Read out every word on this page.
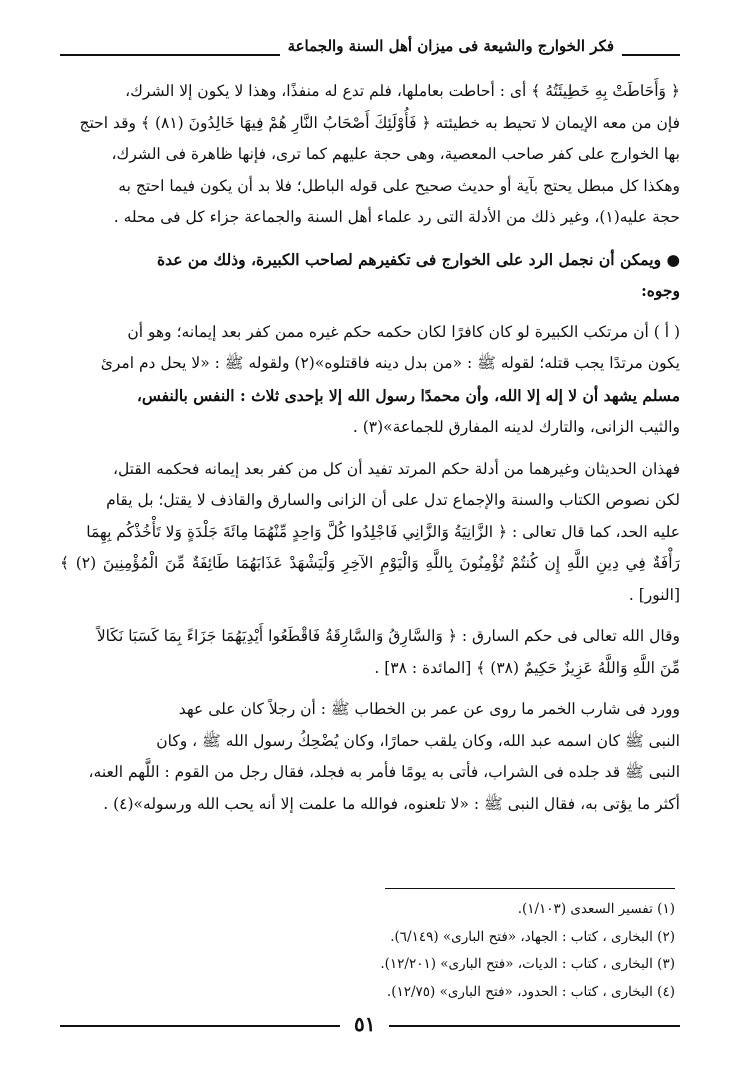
فكر الخوارج والشيعة فى ميزان أهل السنة والجماعة

﴿ وَأَحَاطَتْ بِهِ خَطِيئَتُهُ ﴾ أى : أحاطت بعاملها، فلم تدع له منفذًا، وهذا لا يكون إلا الشرك،
فإن من معه الإيمان لا تحيط به خطيئته ﴿ فَأُوْلَئِكَ أَصْحَابُ النَّارِ هُمْ فِيهَا خَالِدُونَ (٨١) ﴾ وقد احتج
بها الخوارج على كفر صاحب المعصية، وهى حجة عليهم كما ترى، فإنها ظاهرة فى الشرك،
وهكذا كل مبطل يحتج بآية أو حديث صحيح على قوله الباطل؛ فلا بد أن يكون فيما احتج به
حجة عليه(١)، وغير ذلك من الأدلة التى رد علماء أهل السنة والجماعة جزاء كل فى محله .

● ويمكن أن نجمل الرد على الخوارج فى تكفيرهم لصاحب الكبيرة، وذلك من عدة
وجوه:

( أ ) أن مرتكب الكبيرة لو كان كافرًا لكان حكمه حكم غيره ممن كفر بعد إيمانه؛ وهو أن
يكون مرتدًا يجب قتله؛ لقوله ﷺ : «من بدل دينه فاقتلوه»(٢) ولقوله ﷺ : «لا يحل دم امرئ
مسلم يشهد أن لا إله إلا الله، وأن محمدًا رسول الله إلا بإحدى ثلاث : النفس بالنفس،
والثيب الزانى، والتارك لدينه المفارق للجماعة»(٣) .

فهذان الحديثان وغيرهما من أدلة حكم المرتد تفيد أن كل من كفر بعد إيمانه فحكمه القتل،
لكن نصوص الكتاب والسنة والإجماع تدل على أن الزانى والسارق والقاذف لا يقتل؛ بل يقام
عليه الحد، كما قال تعالى : ﴿ الزَّانِيَةُ وَالزَّانِي فَاجْلِدُوا كُلَّ وَاحِدٍ مِّنْهُمَا مِائَةَ جَلْدَةٍ وَلا تَأْخُذْكُم بِهِمَا
رَأْفَةٌ فِي دِينِ اللَّهِ إِن كُنتُمْ تُؤْمِنُونَ بِاللَّهِ وَالْيَوْمِ الآخِرِ وَلْيَشْهَدْ عَذَابَهُمَا طَائِفَةٌ مِّنَ الْمُؤْمِنِينَ (٢) ﴾ [النور] .

وقال الله تعالى فى حكم السارق : ﴿ وَالسَّارِقُ وَالسَّارِقَةُ فَاقْطَعُوا أَيْدِيَهُمَا جَزَاءً بِمَا كَسَبَا نَكَالاً
مِّنَ اللَّهِ وَاللَّهُ عَزِيزٌ حَكِيمٌ (٣٨) ﴾ [المائدة : ٣٨] .

وورد فى شارب الخمر ما روى عن عمر بن الخطاب ﷺ : أن رجلاً كان على عهد
النبى ﷺ كان اسمه عبد الله، وكان يلقب حمارًا، وكان يُضْحِكُ رسول الله ﷺ ، وكان
النبى ﷺ قد جلده فى الشراب، فأتى به يومًا فأمر به فجلد، فقال رجل من القوم : اللَّهم العنه،
أكثر ما يؤتى به، فقال النبى ﷺ : «لا تلعنوه، فوالله ما علمت إلا أنه يحب الله ورسوله»(٤) .

(١) تفسير السعدى (١/١٠٣).
(٢) البخارى ، كتاب : الجهاد، «فتح البارى» (٦/١٤٩).
(٣) البخارى ، كتاب : الديات، «فتح البارى» (١٢/٢٠١).
(٤) البخارى ، كتاب : الحدود، «فتح البارى» (١٢/٧٥).
٥١
